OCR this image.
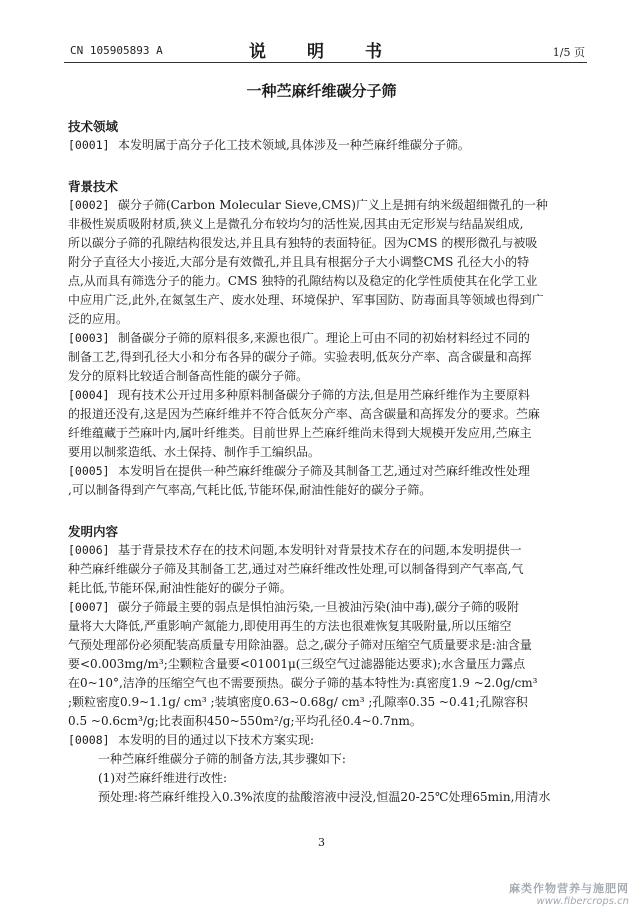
CN 105905893 A	说　明　书	1/5 页
一种苎麻纤维碳分子筛
技术领域

[0001] 本发明属于高分子化工技术领域,具体涉及一种苎麻纤维碳分子筛。

背景技术

[0002] 碳分子筛(Carbon Molecular Sieve,CMS)广义上是拥有纳米级超细微孔的一种

非极性炭质吸附材质,狭义上是微孔分布较均匀的活性炭,因其由无定形炭与结晶炭组成,

所以碳分子筛的孔隙结构很发达,并且具有独特的表面特征。因为CMS 的楔形微孔与被吸

附分子直径大小接近,大部分是有效微孔,并且具有根据分子大小调整CMS 孔径大小的特

点,从而具有筛选分子的能力。CMS 独特的孔隙结构以及稳定的化学性质使其在化学工业

中应用广泛,此外,在氮氢生产、废水处理、环境保护、军事国防、防毒面具等领域也得到广

泛的应用。

[0003] 制备碳分子筛的原料很多,来源也很广。理论上可由不同的初始材料经过不同的

制备工艺,得到孔径大小和分布各异的碳分子筛。实验表明,低灰分产率、高含碳量和高挥

发分的原料比较适合制备高性能的碳分子筛。

[0004] 现有技术公开过用多种原料制备碳分子筛的方法,但是用苎麻纤维作为主要原料

的报道还没有,这是因为苎麻纤维并不符合低灰分产率、高含碳量和高挥发分的要求。苎麻

纤维蕴藏于苎麻叶内,属叶纤维类。目前世界上苎麻纤维尚未得到大规模开发应用,苎麻主

要用以制浆造纸、水土保持、制作手工编织品。

[0005] 本发明旨在提供一种苎麻纤维碳分子筛及其制备工艺,通过对苎麻纤维改性处理

,可以制备得到产气率高,气耗比低,节能环保,耐油性能好的碳分子筛。

发明内容

[0006] 基于背景技术存在的技术问题,本发明针对背景技术存在的问题,本发明提供一

种苎麻纤维碳分子筛及其制备工艺,通过对苎麻纤维改性处理,可以制备得到产气率高,气

耗比低,节能环保,耐油性能好的碳分子筛。

[0007] 碳分子筛最主要的弱点是惧怕油污染,一旦被油污染(油中毒),碳分子筛的吸附

量将大大降低,严重影响产氮能力,即使用再生的方法也很难恢复其吸附量,所以压缩空

气预处理部份必须配装高质量专用除油器。总之,碳分子筛对压缩空气质量要求是:油含量

要<0.003mg/m³;尘颗粒含量要<01001μ(三级空气过滤器能达要求);水含量压力露点

在0~10°,洁净的压缩空气也不需要预热。碳分子筛的基本特性为:真密度1.9 ~2.0g/cm³

;颗粒密度0.9~1.1g/ cm³ ;装填密度0.63~0.68g/ cm³ ;孔隙率0.35 ~0.41;孔隙容积

0.5 ~0.6cm³/g;比表面积450~550m²/g;平均孔径0.4~0.7nm。

[0008] 本发明的目的通过以下技术方案实现:

一种苎麻纤维碳分子筛的制备方法,其步骤如下:

(1)对苎麻纤维进行改性:

预处理:将苎麻纤维投入0.3%浓度的盐酸溶液中浸没,恒温20-25℃处理65min,用清水

3
麻类作物营养与施肥网
www.fibercrops.cn
